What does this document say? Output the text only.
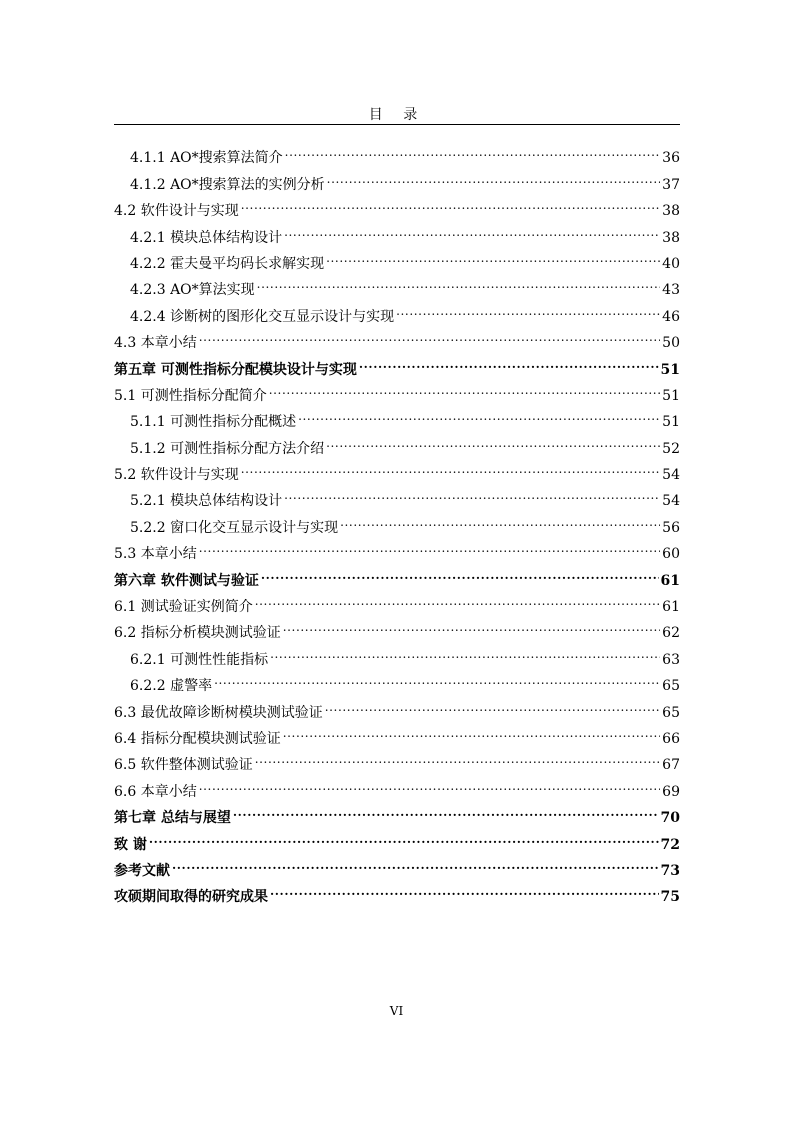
目 录
4.1.1 AO*搜索算法简介 .....	36
4.1.2 AO*搜索算法的实例分析 .....	37
4.2 软件设计与实现 .....	38
4.2.1 模块总体结构设计 .....	38
4.2.2 霍夫曼平均码长求解实现 .....	40
4.2.3 AO*算法实现 .....	43
4.2.4 诊断树的图形化交互显示设计与实现 .....	46
4.3 本章小结 .....	50
第五章 可测性指标分配模块设计与实现 .....	51
5.1 可测性指标分配简介 .....	51
5.1.1 可测性指标分配概述 .....	51
5.1.2 可测性指标分配方法介绍 .....	52
5.2 软件设计与实现 .....	54
5.2.1 模块总体结构设计 .....	54
5.2.2 窗口化交互显示设计与实现 .....	56
5.3 本章小结 .....	60
第六章 软件测试与验证 .....	61
6.1 测试验证实例简介 .....	61
6.2 指标分析模块测试验证 .....	62
6.2.1 可测性性能指标 .....	63
6.2.2 虚警率 .....	65
6.3 最优故障诊断树模块测试验证 .....	65
6.4 指标分配模块测试验证 .....	66
6.5 软件整体测试验证 .....	67
6.6 本章小结 .....	69
第七章 总结与展望 .....	70
致 谢 .....	72
参考文献 .....	73
攻硕期间取得的研究成果 .....	75
VI
